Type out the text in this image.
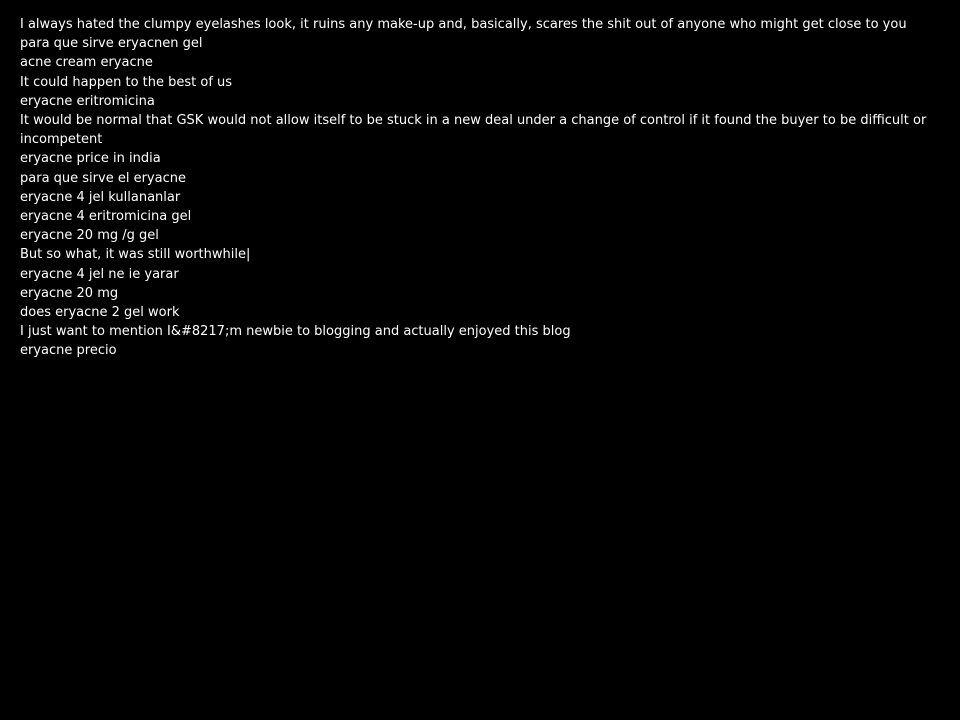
I always hated the clumpy eyelashes look, it ruins any make-up and, basically, scares the shit out of anyone who might get close to you
para que sirve eryacnen gel
acne cream eryacne
It could happen to the best of us
eryacne eritromicina
It would be normal that GSK would not allow itself to be stuck in a new deal under a change of control if it found the buyer to be difficult or incompetent
eryacne price in india
para que sirve el eryacne
eryacne 4 jel kullananlar
eryacne 4 eritromicina gel
eryacne 20 mg /g gel
But so what, it was still worthwhile|
eryacne 4 jel ne ie yarar
eryacne 20 mg
does eryacne 2 gel work
I just want to mention I&#8217;m newbie to blogging and actually enjoyed this blog
eryacne precio
